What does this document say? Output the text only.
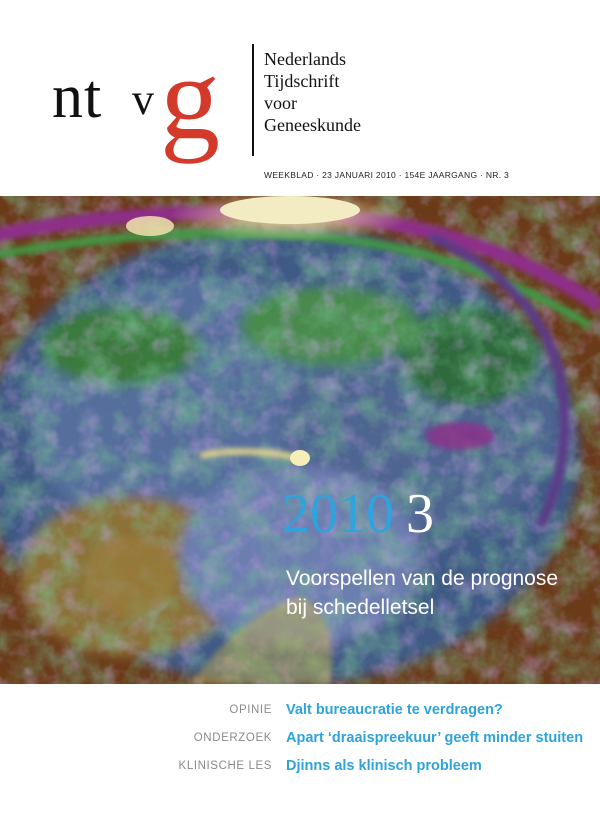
nt v g Nederlands
Tijdschrift
voor
Geneeskunde
WEEKBLAD · 23 JANUARI 2010 · 154E JAARGANG · NR. 3
2010 3
Voorspellen van de prognose
bij schedelletsel
OPINIE Valt bureaucratie te verdragen?
ONDERZOEK Apart ‘draaispreekuur’ geeft minder stuiten
KLINISCHE LES Djinns als klinisch probleem
